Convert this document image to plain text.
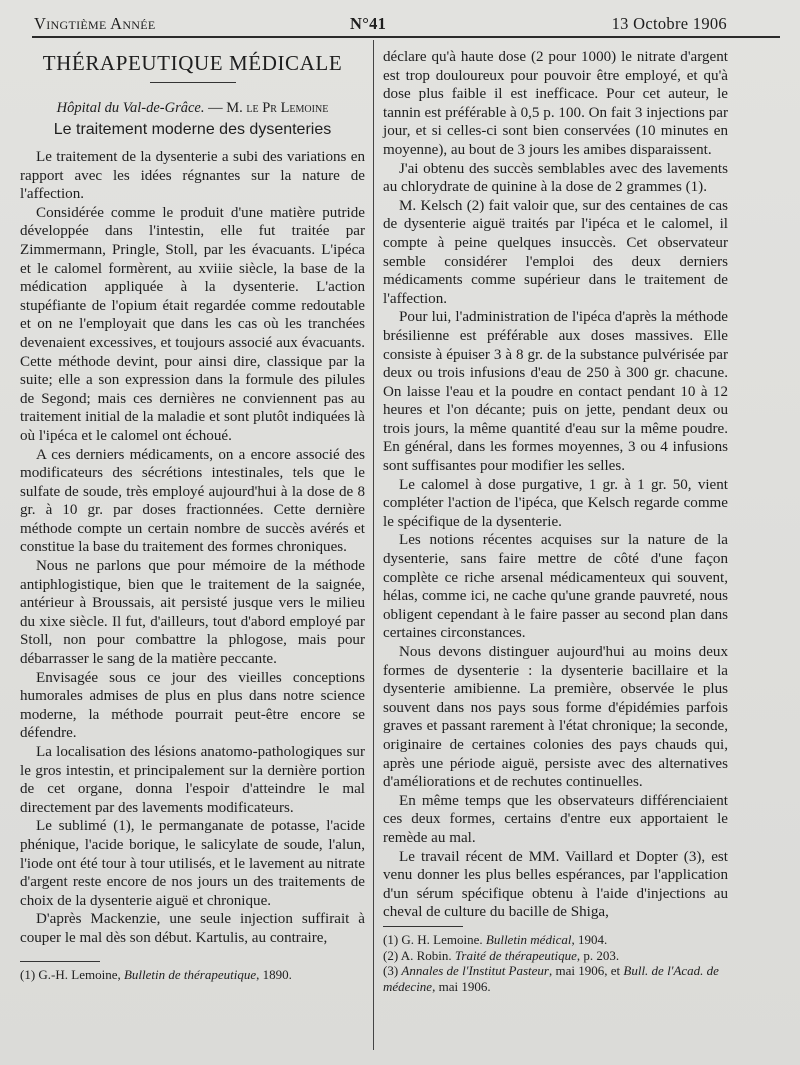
Vingtième Année	N°41	13 Octobre 1906
THÉRAPEUTIQUE MÉDICALE
Hôpital du Val-de-Grâce. — M. le Pr Lemoine
Le traitement moderne des dysenteries

Le traitement de la dysenterie a subi des variations en rapport avec les idées régnantes sur la nature de l'affection.

Considérée comme le produit d'une matière putride développée dans l'intestin, elle fut traitée par Zimmermann, Pringle, Stoll, par les évacuants. L'ipéca et le calomel formèrent, au xviiie siècle, la base de la médication appliquée à la dysenterie. L'action stupéfiante de l'opium était regardée comme redoutable et on ne l'employait que dans les cas où les tranchées devenaient excessives, et toujours associé aux évacuants. Cette méthode devint, pour ainsi dire, classique par la suite; elle a son expression dans la formule des pilules de Segond; mais ces dernières ne conviennent pas au traitement initial de la maladie et sont plutôt indiquées là où l'ipéca et le calomel ont échoué.

A ces derniers médicaments, on a encore associé des modificateurs des sécrétions intestinales, tels que le sulfate de soude, très employé aujourd'hui à la dose de 8 gr. à 10 gr. par doses fractionnées. Cette dernière méthode compte un certain nombre de succès avérés et constitue la base du traitement des formes chroniques.

Nous ne parlons que pour mémoire de la méthode antiphlogistique, bien que le traitement de la saignée, antérieur à Broussais, ait persisté jusque vers le milieu du xixe siècle. Il fut, d'ailleurs, tout d'abord employé par Stoll, non pour combattre la phlogose, mais pour débarrasser le sang de la matière peccante.

Envisagée sous ce jour des vieilles conceptions humorales admises de plus en plus dans notre science moderne, la méthode pourrait peut-être encore se défendre.

La localisation des lésions anatomo-pathologiques sur le gros intestin, et principalement sur la dernière portion de cet organe, donna l'espoir d'atteindre le mal directement par des lavements modificateurs.

Le sublimé (1), le permanganate de potasse, l'acide phénique, l'acide borique, le salicylate de soude, l'alun, l'iode ont été tour à tour utilisés, et le lavement au nitrate d'argent reste encore de nos jours un des traitements de choix de la dysenterie aiguë et chronique.

D'après Mackenzie, une seule injection suffirait à couper le mal dès son début. Kartulis, au contraire,

(1) G.-H. Lemoine, Bulletin de thérapeutique, 1890.

déclare qu'à haute dose (2 pour 1000) le nitrate d'argent est trop douloureux pour pouvoir être employé, et qu'à dose plus faible il est inefficace. Pour cet auteur, le tannin est préférable à 0,5 p. 100. On fait 3 injections par jour, et si celles-ci sont bien conservées (10 minutes en moyenne), au bout de 3 jours les amibes disparaissent.

J'ai obtenu des succès semblables avec des lavements au chlorydrate de quinine à la dose de 2 grammes (1).

M. Kelsch (2) fait valoir que, sur des centaines de cas de dysenterie aiguë traités par l'ipéca et le calomel, il compte à peine quelques insuccès. Cet observateur semble considérer l'emploi des deux derniers médicaments comme supérieur dans le traitement de l'affection.

Pour lui, l'administration de l'ipéca d'après la méthode brésilienne est préférable aux doses massives. Elle consiste à épuiser 3 à 8 gr. de la substance pulvérisée par deux ou trois infusions d'eau de 250 à 300 gr. chacune. On laisse l'eau et la poudre en contact pendant 10 à 12 heures et l'on décante; puis on jette, pendant deux ou trois jours, la même quantité d'eau sur la même poudre. En général, dans les formes moyennes, 3 ou 4 infusions sont suffisantes pour modifier les selles.

Le calomel à dose purgative, 1 gr. à 1 gr. 50, vient compléter l'action de l'ipéca, que Kelsch regarde comme le spécifique de la dysenterie.

Les notions récentes acquises sur la nature de la dysenterie, sans faire mettre de côté d'une façon complète ce riche arsenal médicamenteux qui souvent, hélas, comme ici, ne cache qu'une grande pauvreté, nous obligent cependant à le faire passer au second plan dans certaines circonstances.

Nous devons distinguer aujourd'hui au moins deux formes de dysenterie : la dysenterie bacillaire et la dysenterie amibienne. La première, observée le plus souvent dans nos pays sous forme d'épidémies parfois graves et passant rarement à l'état chronique; la seconde, originaire de certaines colonies des pays chauds qui, après une période aiguë, persiste avec des alternatives d'améliorations et de rechutes continuelles.

En même temps que les observateurs différenciaient ces deux formes, certains d'entre eux apportaient le remède au mal.

Le travail récent de MM. Vaillard et Dopter (3), est venu donner les plus belles espérances, par l'application d'un sérum spécifique obtenu à l'aide d'injections au cheval de culture du bacille de Shiga,

(1) G. H. Lemoine. Bulletin médical, 1904.
(2) A. Robin. Traité de thérapeutique, p. 203.
(3) Annales de l'Institut Pasteur, mai 1906, et Bull. de l'Acad. de médecine, mai 1906.
